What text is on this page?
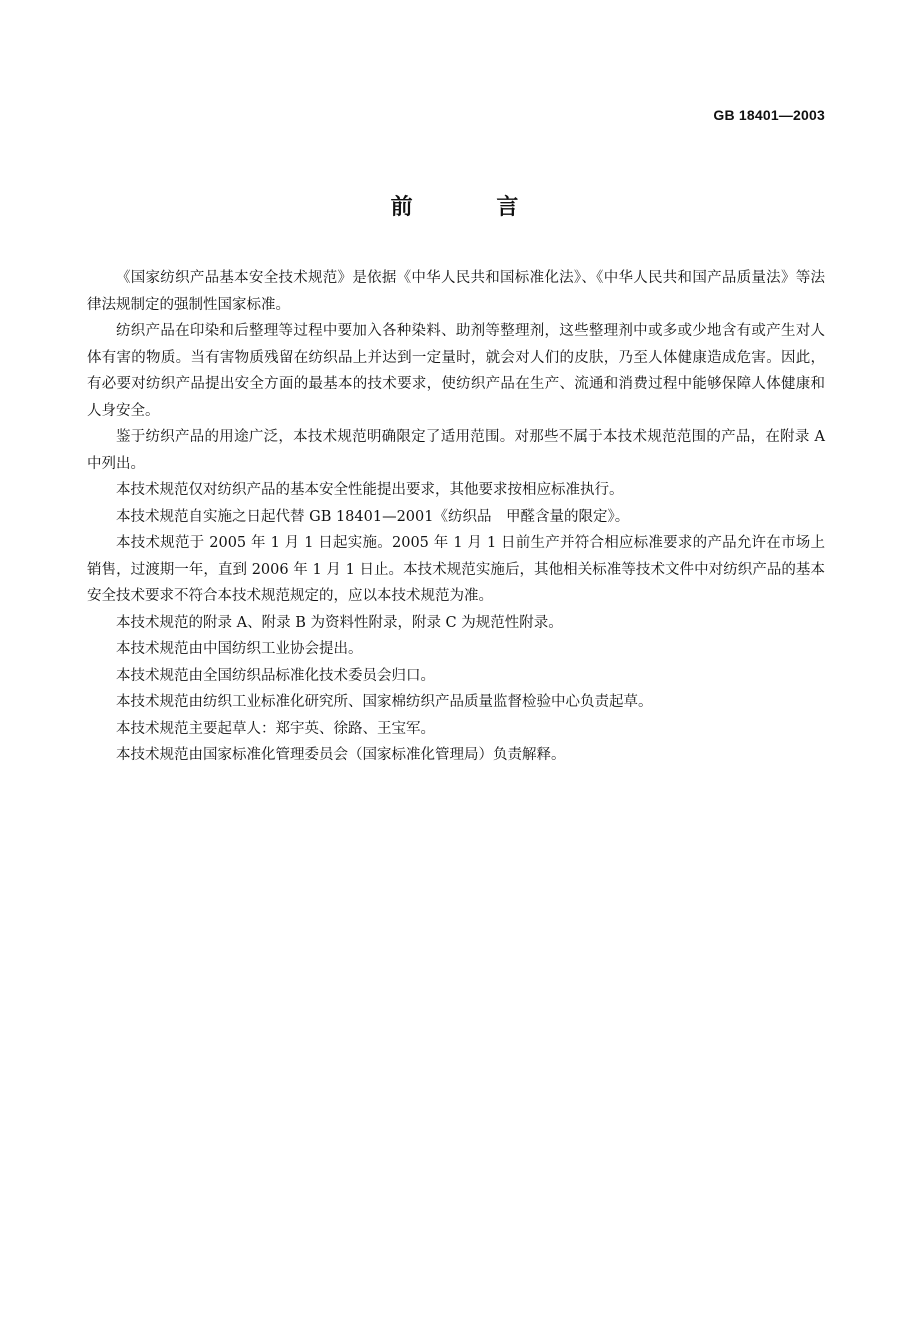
GB 18401—2003
前 言

《国家纺织产品基本安全技术规范》是依据《中华人民共和国标准化法》、《中华人民共和国产品质量法》等法律法规制定的强制性国家标准。

纺织产品在印染和后整理等过程中要加入各种染料、助剂等整理剂，这些整理剂中或多或少地含有或产生对人体有害的物质。当有害物质残留在纺织品上并达到一定量时，就会对人们的皮肤，乃至人体健康造成危害。因此，有必要对纺织产品提出安全方面的最基本的技术要求，使纺织产品在生产、流通和消费过程中能够保障人体健康和人身安全。

鉴于纺织产品的用途广泛，本技术规范明确限定了适用范围。对那些不属于本技术规范范围的产品，在附录 A 中列出。

本技术规范仅对纺织产品的基本安全性能提出要求，其他要求按相应标准执行。

本技术规范自实施之日起代替 GB 18401—2001《纺织品　甲醛含量的限定》。

本技术规范于 2005 年 1 月 1 日起实施。2005 年 1 月 1 日前生产并符合相应标准要求的产品允许在市场上销售，过渡期一年，直到 2006 年 1 月 1 日止。本技术规范实施后，其他相关标准等技术文件中对纺织产品的基本安全技术要求不符合本技术规范规定的，应以本技术规范为准。

本技术规范的附录 A、附录 B 为资料性附录，附录 C 为规范性附录。

本技术规范由中国纺织工业协会提出。

本技术规范由全国纺织品标准化技术委员会归口。

本技术规范由纺织工业标准化研究所、国家棉纺织产品质量监督检验中心负责起草。

本技术规范主要起草人：郑宇英、徐路、王宝军。

本技术规范由国家标准化管理委员会（国家标准化管理局）负责解释。
